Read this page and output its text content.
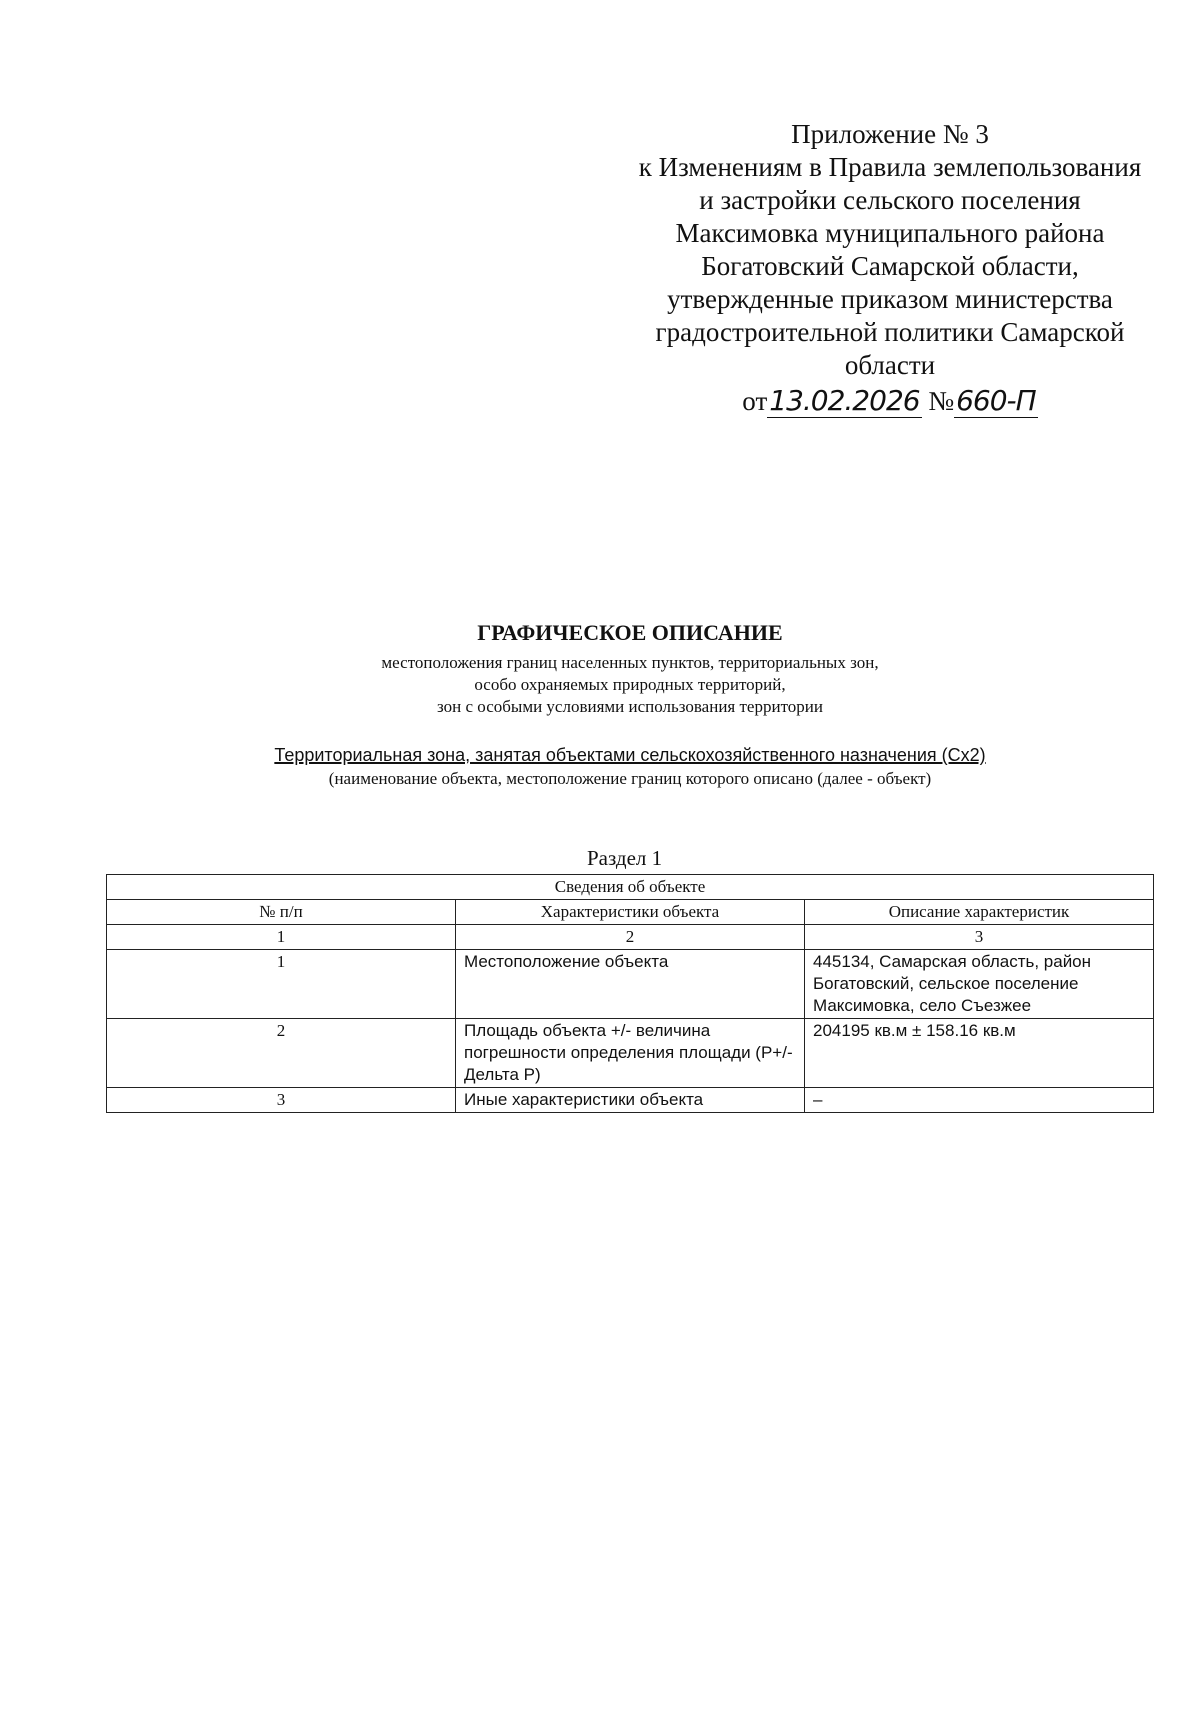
Приложение № 3
к Изменениям в Правила землепользования
и застройки сельского поселения
Максимовка муниципального района
Богатовский Самарской области,
утвержденные приказом министерства
градостроительной политики Самарской
области
от13.02.2026 №660-П
ГРАФИЧЕСКОЕ ОПИСАНИЕ
местоположения границ населенных пунктов, территориальных зон,
особо охраняемых природных территорий,
зон с особыми условиями использования территории
Территориальная зона, занятая объектами сельскохозяйственного назначения (Сх2)
(наименование объекта, местоположение границ которого описано (далее - объект)
Раздел 1
Сведения об объекте		
№ п/п	Характеристики объекта	Описание характеристик
1	2	3
1	Местоположение объекта	445134, Самарская область, район Богатовский, сельское поселение Максимовка, село Съезжее
2	Площадь объекта +/- величина погрешности определения площади (Р+/- Дельта Р)	204195 кв.м ± 158.16 кв.м
3	Иные характеристики объекта	–
